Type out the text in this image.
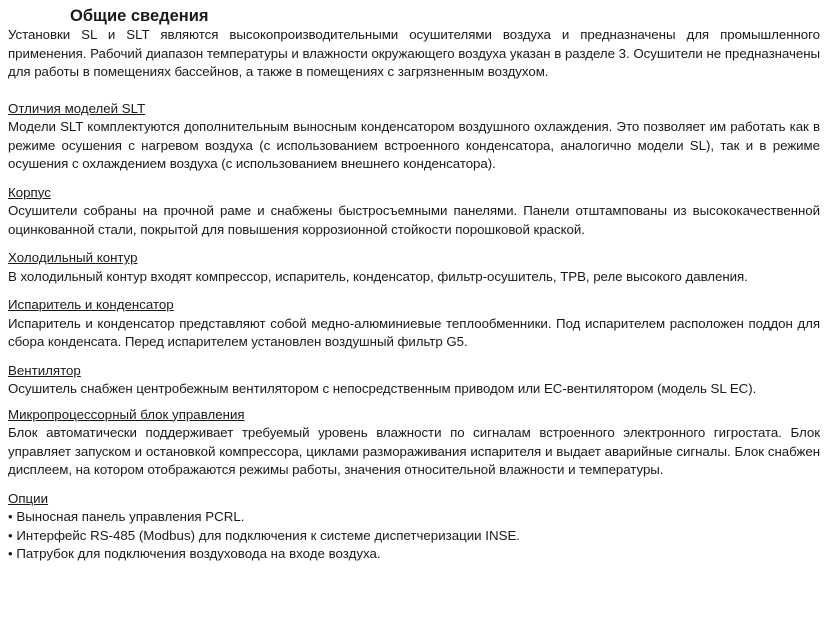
Общие сведения

Установки SL и SLT являются высокопроизводительными осушителями воздуха и предназначены для промышленного применения. Рабочий диапазон температуры и влажности окружающего воздуха указан в разделе 3. Осушители не предназначены для работы в помещениях бассейнов, а также в помещениях с загрязненным воздухом.

Отличия моделей SLT

Модели SLT комплектуются дополнительным выносным конденсатором воздушного охлаждения. Это позволяет им работать как в режиме осушения с нагревом воздуха (с использованием встроенного конденсатора, аналогично модели SL), так и в режиме осушения с охлаждением воздуха (с использованием внешнего конденсатора).

Корпус

Осушители собраны на прочной раме и снабжены быстросъемными панелями. Панели отштампованы из высококачественной оцинкованной стали, покрытой для повышения коррозионной стойкости порошковой краской.

Холодильный контур

В холодильный контур входят компрессор, испаритель, конденсатор, фильтр-осушитель, ТРВ, реле высокого давления.

Испаритель и конденсатор

Испаритель и конденсатор представляют собой медно-алюминиевые теплообменники. Под испарителем расположен поддон для сбора конденсата. Перед испарителем установлен воздушный фильтр G5.

Вентилятор

Осушитель снабжен центробежным вентилятором с непосредственным приводом или ЕС-вентилятором (модель SL EC).

Микропроцессорный блок управления

Блок автоматически поддерживает требуемый уровень влажности по сигналам встроенного электронного гигростата. Блок управляет запуском и остановкой компрессора, циклами размораживания испарителя и выдает аварийные сигналы. Блок снабжен дисплеем, на котором отображаются режимы работы, значения относительной влажности и температуры.

Опции
• Выносная панель управления PCRL.
• Интерфейс RS-485 (Modbus) для подключения к системе диспетчеризации INSE.
• Патрубок для подключения воздуховода на входе воздуха.
